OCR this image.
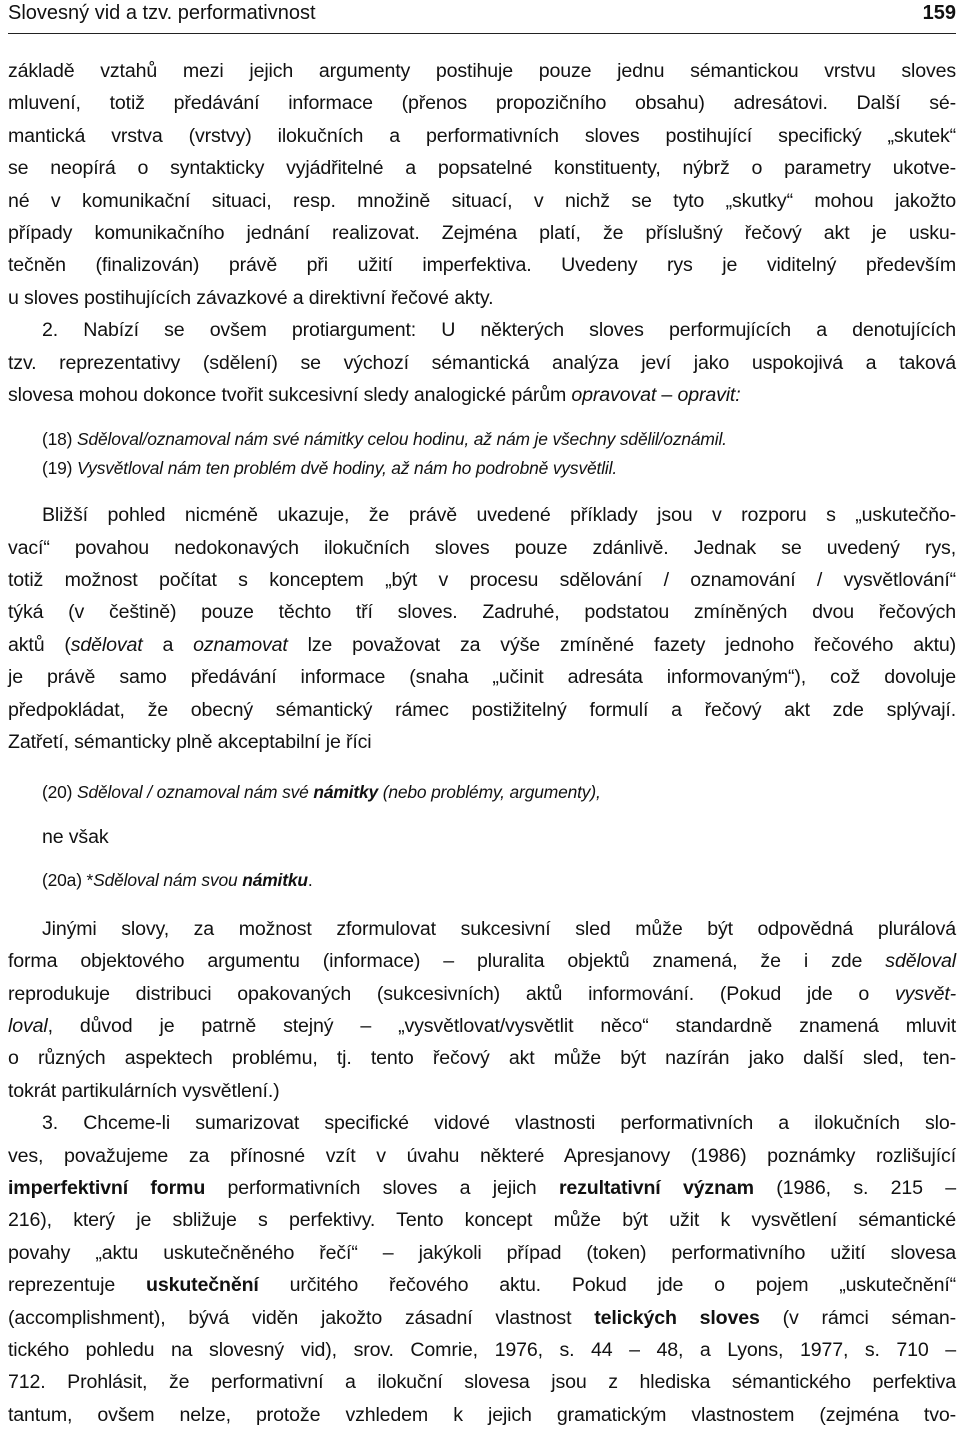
Slovesný vid a tzv. performativnost	159
základě vztahů mezi jejich argumenty postihuje pouze jednu sémantickou vrstvu sloves
mluvení, totiž předávání informace (přenos propozičního obsahu) adresátovi. Další sé-
mantická vrstva (vrstvy) ilokučních a performativních sloves postihující specifický „skutek“
se neopírá o syntakticky vyjádřitelné a popsatelné konstituenty, nýbrž o parametry ukotve-
né v komunikační situaci, resp. množině situací, v nichž se tyto „skutky“ mohou jakožto
případy komunikačního jednání realizovat. Zejména platí, že příslušný řečový akt je usku-
tečněn (finalizován) právě při užití imperfektiva. Uvedeny rys je viditelný především
u sloves postihujících závazkové a direktivní řečové akty.
2. Nabízí se ovšem protiargument: U některých sloves performujících a denotujících
tzv. reprezentativy (sdělení) se výchozí sémantická analýza jeví jako uspokojivá a taková
slovesa mohou dokonce tvořit sukcesivní sledy analogické párům opravovat – opravit:
(18) Sděloval/oznamoval nám své námitky celou hodinu, až nám je všechny sdělil/oznámil.
(19) Vysvětloval nám ten problém dvě hodiny, až nám ho podrobně vysvětlil.
Bližší pohled nicméně ukazuje, že právě uvedené příklady jsou v rozporu s „uskutečňo-
vací“ povahou nedokonavých ilokučních sloves pouze zdánlivě. Jednak se uvedený rys,
totiž možnost počítat s konceptem „být v procesu sdělování / oznamování / vysvětlování“
týká (v češtině) pouze těchto tří sloves. Zadruhé, podstatou zmíněných dvou řečových
aktů (sdělovat a oznamovat lze považovat za výše zmíněné fazety jednoho řečového aktu)
je právě samo předávání informace (snaha „učinit adresáta informovaným“), což dovoluje
předpokládat, že obecný sémantický rámec postižitelný formulí a řečový akt zde splývají.
Zatřetí, sémanticky plně akceptabilní je říci
(20) Sděloval / oznamoval nám své námitky (nebo problémy, argumenty),
ne však
(20a) *Sděloval nám svou námitku.
Jinými slovy, za možnost zformulovat sukcesivní sled může být odpovědná plurálová
forma objektového argumentu (informace) – pluralita objektů znamená, že i zde sděloval
reprodukuje distribuci opakovaných (sukcesivních) aktů informování. (Pokud jde o vysvět-
loval, důvod je patrně stejný – „vysvětlovat/vysvětlit něco“ standardně znamená mluvit
o různých aspektech problému, tj. tento řečový akt může být nazírán jako další sled, ten-
tokrát partikulárních vysvětlení.)
3. Chceme-li sumarizovat specifické vidové vlastnosti performativních a ilokučních slo-
ves, považujeme za přínosné vzít v úvahu některé Apresjanovy (1986) poznámky rozlišující
imperfektivní formu performativních sloves a jejich rezultativní význam (1986, s. 215 –
216), který je sbližuje s perfektivy. Tento koncept může být užit k vysvětlení sémantické
povahy „aktu uskutečněného řečí“ – jakýkoli případ (token) performativního užití slovesa
reprezentuje uskutečnění určitého řečového aktu. Pokud jde o pojem „uskutečnění“
(accomplishment), bývá viděn jakožto zásadní vlastnost telických sloves (v rámci séman-
tického pohledu na slovesný vid), srov. Comrie, 1976, s. 44 – 48, a Lyons, 1977, s. 710 –
712. Prohlásit, že performativní a ilokuční slovesa jsou z hlediska sémantického perfektiva
tantum, ovšem nelze, protože vzhledem k jejich gramatickým vlastnostem (zejména tvo-
